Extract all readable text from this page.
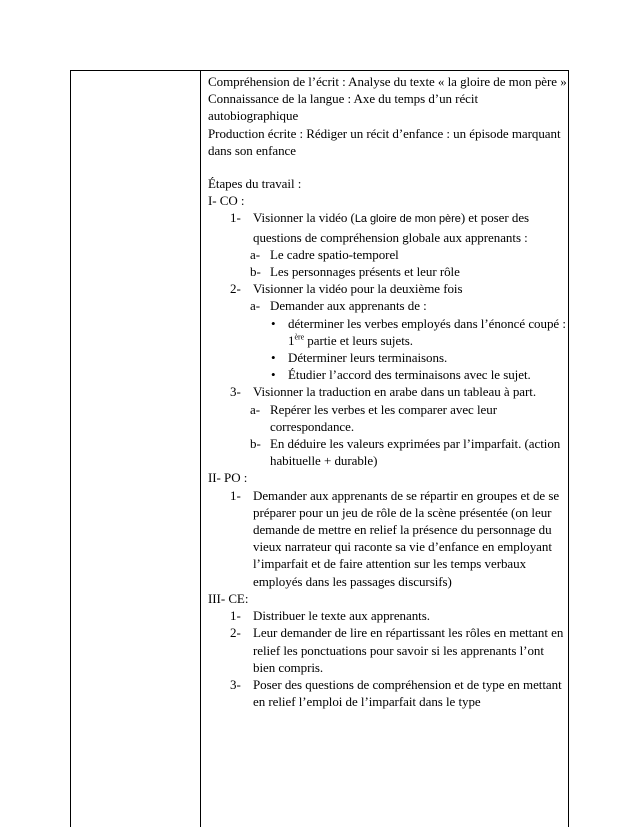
Compréhension de l’écrit : Analyse du texte « la gloire de mon père »

Connaissance de la langue : Axe du temps d’un récit autobiographique

Production écrite : Rédiger un récit d’enfance : un épisode marquant dans son enfance

Étapes du travail :

I- CO :

1- Visionner la vidéo (La gloire de mon père) et poser des questions de compréhension globale aux apprenants :
a- Le cadre spatio-temporel
b- Les personnages présents et leur rôle
2- Visionner la vidéo pour la deuxième fois
a- Demander aux apprenants de :
• déterminer les verbes employés dans l’énoncé coupé : 1ère partie et leurs sujets.
• Déterminer leurs terminaisons.
• Étudier l’accord des terminaisons avec le sujet.
3- Visionner la traduction en arabe dans un tableau à part.
a- Repérer les verbes et les comparer avec leur correspondance.
b- En déduire les valeurs exprimées par l’imparfait. (action habituelle + durable)

II- PO :

1- Demander aux apprenants de se répartir en groupes et de se préparer pour un jeu de rôle de la scène présentée (on leur demande de mettre en relief la présence du personnage du vieux narrateur qui raconte sa vie d’enfance en employant l’imparfait et de faire attention sur les temps verbaux employés dans les passages discursifs)

III- CE:

1- Distribuer le texte aux apprenants.
2- Leur demander de lire en répartissant les rôles en mettant en relief les ponctuations pour savoir si les apprenants l’ont bien compris.
3- Poser des questions de compréhension et de type en mettant en relief l’emploi de l’imparfait dans le type
